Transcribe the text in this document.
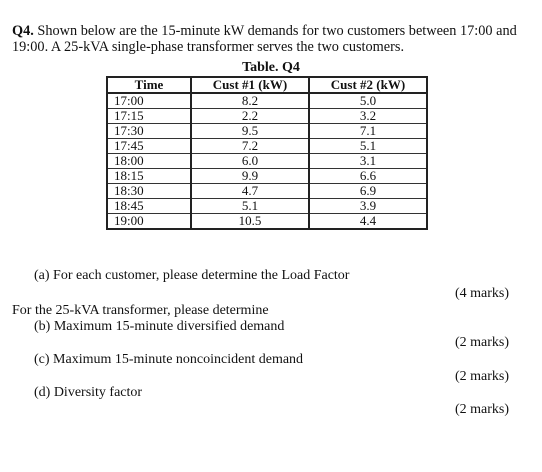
Q4. Shown below are the 15-minute kW demands for two customers between 17:00 and 19:00. A 25-kVA single-phase transformer serves the two customers.
Table. Q4
Time	Cust #1 (kW)	Cust #2 (kW)
17:00	8.2	5.0
17:15	2.2	3.2
17:30	9.5	7.1
17:45	7.2	5.1
18:00	6.0	3.1
18:15	9.9	6.6
18:30	4.7	6.9
18:45	5.1	3.9
19:00	10.5	4.4
(a) For each customer, please determine the Load Factor
(4 marks)
For the 25-kVA transformer, please determine
(b) Maximum 15-minute diversified demand
(2 marks)
(c) Maximum 15-minute noncoincident demand
(2 marks)
(d) Diversity factor
(2 marks)
